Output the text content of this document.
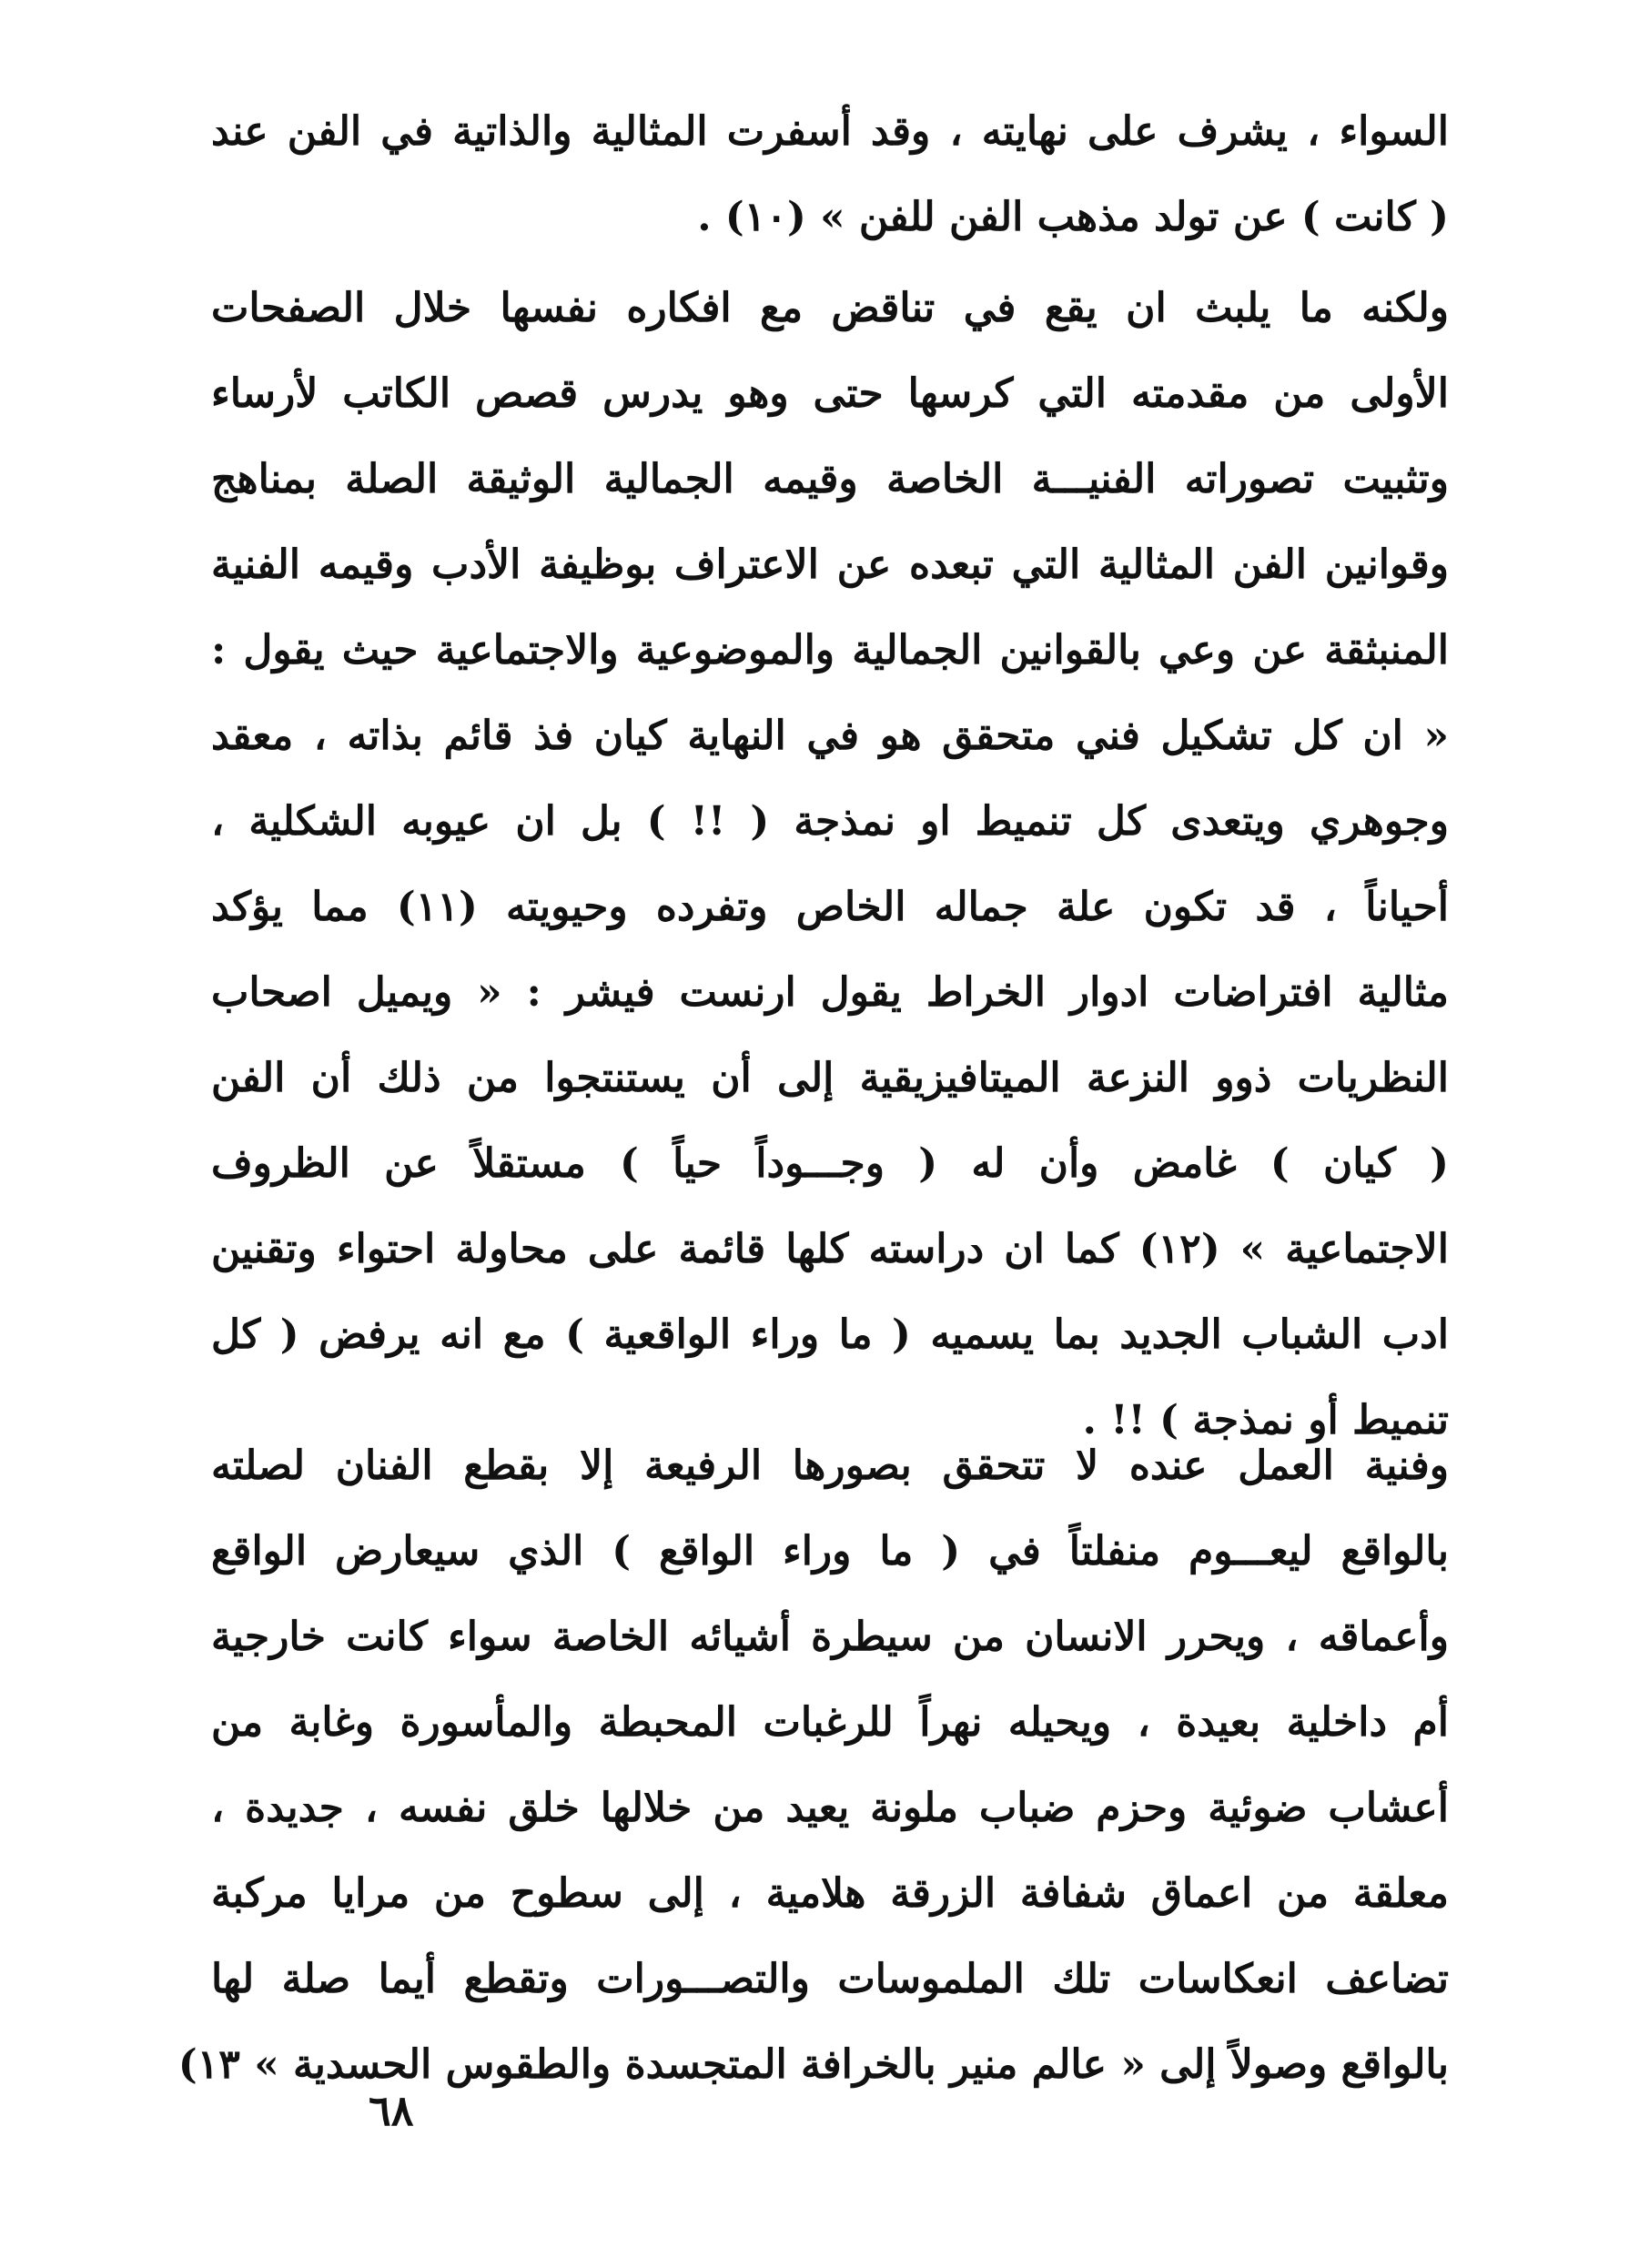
السواء ، يشرف على نهايته ، وقد أسفرت المثالية والذاتية في الفن عند
( كانت ) عن تولد مذهب الفن للفن » (١٠) .
ولكنه ما يلبث ان يقع في تناقض مع افكاره نفسها خلال الصفحات
الأولى من مقدمته التي كرسها حتى وهو يدرس قصص الكاتب لأرساء
وتثبيت تصوراته الفنيـــة الخاصة وقيمه الجمالية الوثيقة الصلة بمناهج
وقوانين الفن المثالية التي تبعده عن الاعتراف بوظيفة الأدب وقيمه الفنية
المنبثقة عن وعي بالقوانين الجمالية والموضوعية والاجتماعية حيث يقول :
« ان كل تشكيل فني متحقق هو في النهاية كيان فذ قائم بذاته ، معقد
وجوهري ويتعدى كل تنميط او نمذجة ( !! ) بل ان عيوبه الشكلية ،
أحياناً ، قد تكون علة جماله الخاص وتفرده وحيويته (١١) مما يؤكد
مثالية افتراضات ادوار الخراط يقول ارنست فيشر : « ويميل اصحاب
النظريات ذوو النزعة الميتافيزيقية إلى أن يستنتجوا من ذلك أن الفن
( كيان ) غامض وأن له ( وجـــوداً حياً ) مستقلاً عن الظروف
الاجتماعية » (١٢) كما ان دراسته كلها قائمة على محاولة احتواء وتقنين
ادب الشباب الجديد بما يسميه ( ما وراء الواقعية ) مع انه يرفض ( كل
تنميط أو نمذجة ) !! .
وفنية العمل عنده لا تتحقق بصورها الرفيعة إلا بقطع الفنان لصلته
بالواقع ليعـــوم منفلتاً في ( ما وراء الواقع ) الذي سيعارض الواقع
وأعماقه ، ويحرر الانسان من سيطرة أشيائه الخاصة سواء كانت خارجية
أم داخلية بعيدة ، ويحيله نهراً للرغبات المحبطة والمأسورة وغابة من
أعشاب ضوئية وحزم ضباب ملونة يعيد من خلالها خلق نفسه ، جديدة ،
معلقة من اعماق شفافة الزرقة هلامية ، إلى سطوح من مرايا مركبة
تضاعف انعكاسات تلك الملموسات والتصـــورات وتقطع أيما صلة لها
بالواقع وصولاً إلى « عالم منير بالخرافة المتجسدة والطقوس الحسدية » ١٣)
٦٨
